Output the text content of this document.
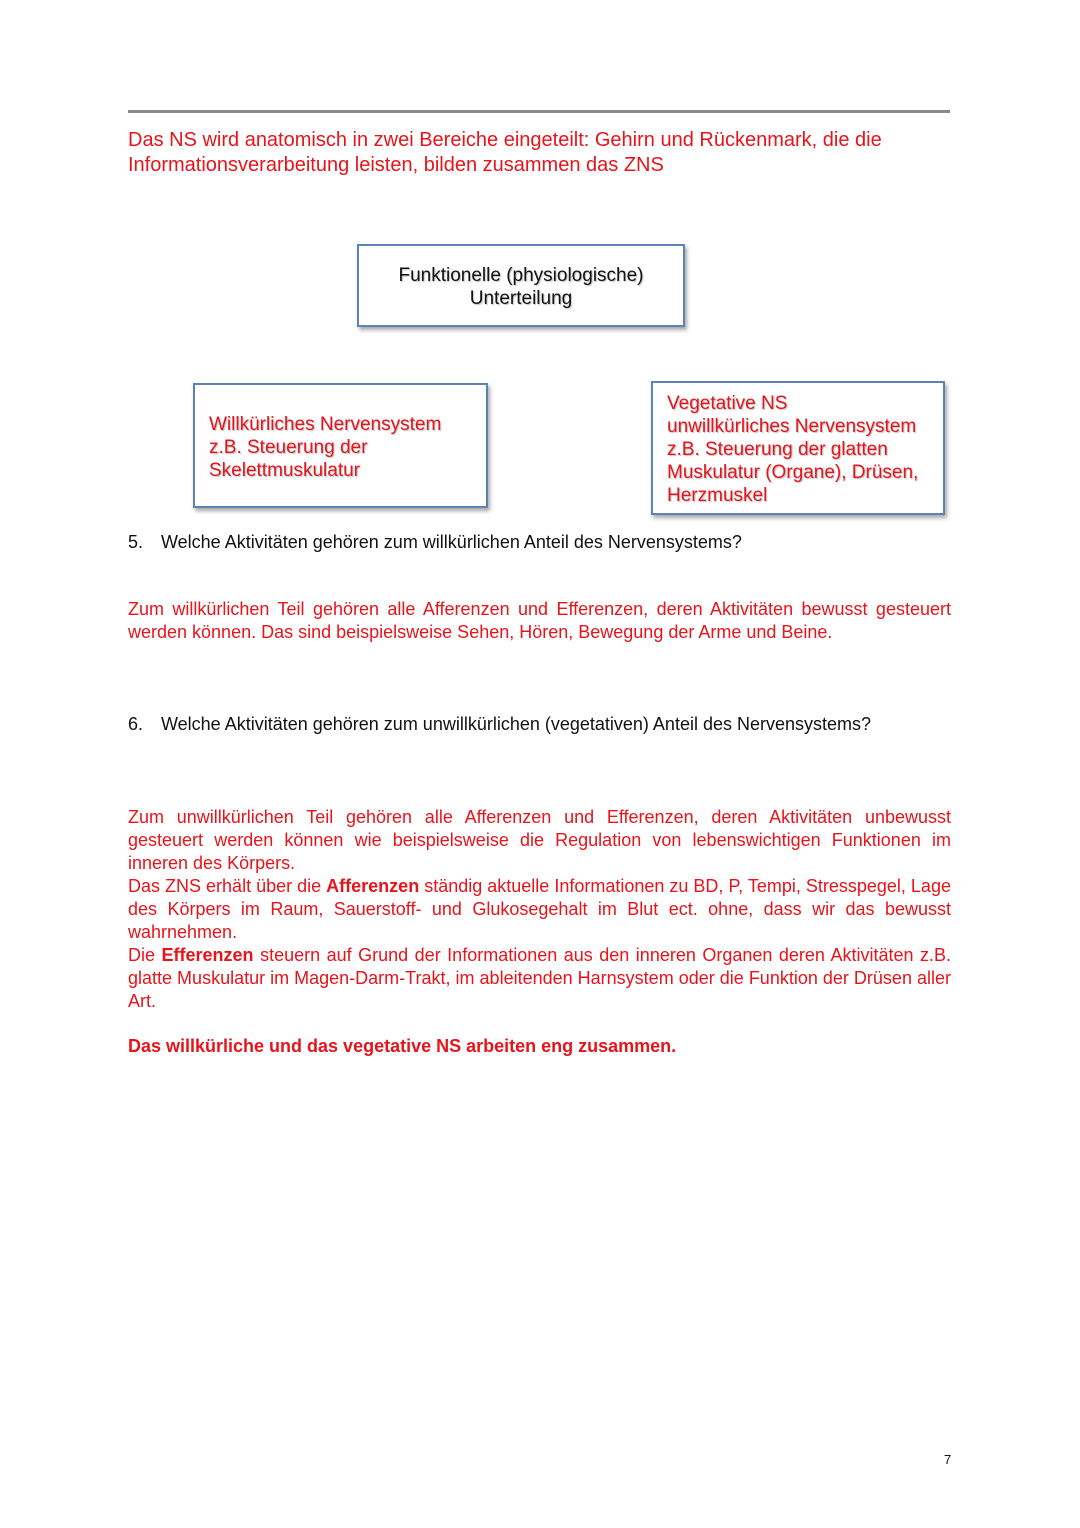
Das NS wird anatomisch in zwei Bereiche eingeteilt: Gehirn und Rückenmark, die die Informationsverarbeitung leisten, bilden zusammen das ZNS
Funktionelle (physiologische)
Unterteilung
Willkürliches Nervensystem
z.B. Steuerung der
Skelettmuskulatur
Vegetative NS
unwillkürliches Nervensystem
z.B. Steuerung der glatten
Muskulatur (Organe), Drüsen,
Herzmuskel
5. Welche Aktivitäten gehören zum willkürlichen Anteil des Nervensystems?
Zum willkürlichen Teil gehören alle Afferenzen und Efferenzen, deren Aktivitäten bewusst gesteuert werden können. Das sind beispielsweise Sehen, Hören, Bewegung der Arme und Beine.
6. Welche Aktivitäten gehören zum unwillkürlichen (vegetativen) Anteil des Nervensystems?

Zum unwillkürlichen Teil gehören alle Afferenzen und Efferenzen, deren Aktivitäten unbewusst gesteuert werden können wie beispielsweise die Regulation von lebenswichtigen Funktionen im inneren des Körpers.

Das ZNS erhält über die Afferenzen ständig aktuelle Informationen zu BD, P, Tempi, Stresspegel, Lage des Körpers im Raum, Sauerstoff- und Glukosegehalt im Blut ect. ohne, dass wir das bewusst wahrnehmen.

Die Efferenzen steuern auf Grund der Informationen aus den inneren Organen deren Aktivitäten z.B. glatte Muskulatur im Magen-Darm-Trakt, im ableitenden Harnsystem oder die Funktion der Drüsen aller Art.

Das willkürliche und das vegetative NS arbeiten eng zusammen.
7
